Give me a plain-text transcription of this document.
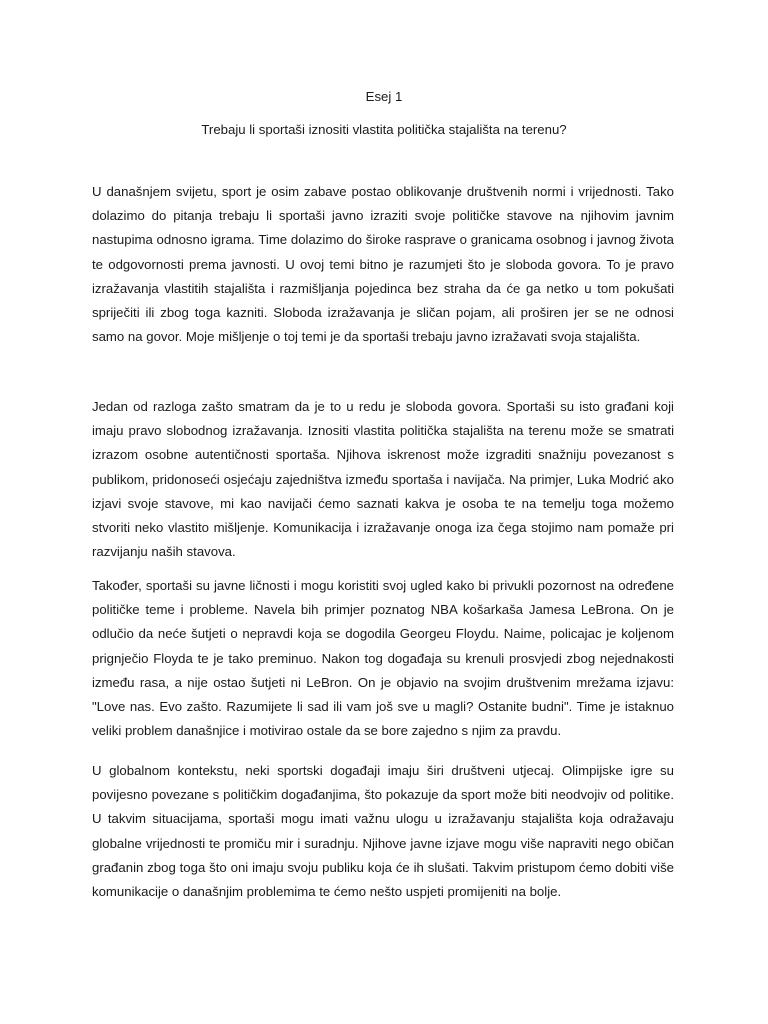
Esej 1
Trebaju li sportaši iznositi vlastita politička stajališta na terenu?

U današnjem svijetu, sport je osim zabave postao oblikovanje društvenih normi i vrijednosti. Tako dolazimo do pitanja trebaju li sportaši javno izraziti svoje političke stavove na njihovim javnim nastupima odnosno igrama. Time dolazimo do široke rasprave o granicama osobnog i javnog života te odgovornosti prema javnosti. U ovoj temi bitno je razumjeti što je sloboda govora. To je pravo izražavanja vlastitih stajališta i razmišljanja pojedinca bez straha da će ga netko u tom pokušati spriječiti ili zbog toga kazniti. Sloboda izražavanja je sličan pojam, ali proširen jer se ne odnosi samo na govor. Moje mišljenje o toj temi je da sportaši trebaju javno izražavati svoja stajališta.

Jedan od razloga zašto smatram da je to u redu je sloboda govora. Sportaši su isto građani koji imaju pravo slobodnog izražavanja. Iznositi vlastita politička stajališta na terenu može se smatrati izrazom osobne autentičnosti sportaša. Njihova iskrenost može izgraditi snažniju povezanost s publikom, pridonoseći osjećaju zajedništva između sportaša i navijača. Na primjer, Luka Modrić ako izjavi svoje stavove, mi kao navijači ćemo saznati kakva je osoba te na temelju toga možemo stvoriti neko vlastito mišljenje. Komunikacija i izražavanje onoga iza čega stojimo nam pomaže pri razvijanju naših stavova.

Također, sportaši su javne ličnosti i mogu koristiti svoj ugled kako bi privukli pozornost na određene političke teme i probleme. Navela bih primjer poznatog NBA košarkaša Jamesa LeBrona. On je odlučio da neće šutjeti o nepravdi koja se dogodila Georgeu Floydu. Naime, policajac je koljenom prignječio Floyda te je tako preminuo. Nakon tog događaja su krenuli prosvjedi zbog nejednakosti između rasa, a nije ostao šutjeti ni LeBron. On je objavio na svojim društvenim mrežama izjavu: "Love nas. Evo zašto. Razumijete li sad ili vam još sve u magli? Ostanite budni". Time je istaknuo veliki problem današnjice i motivirao ostale da se bore zajedno s njim za pravdu.

U globalnom kontekstu, neki sportski događaji imaju širi društveni utjecaj. Olimpijske igre su povijesno povezane s političkim događanjima, što pokazuje da sport može biti neodvojiv od politike. U takvim situacijama, sportaši mogu imati važnu ulogu u izražavanju stajališta koja odražavaju globalne vrijednosti te promiču mir i suradnju. Njihove javne izjave mogu više napraviti nego običan građanin zbog toga što oni imaju svoju publiku koja će ih slušati. Takvim pristupom ćemo dobiti više komunikacije o današnjim problemima te ćemo nešto uspjeti promijeniti na bolje.
